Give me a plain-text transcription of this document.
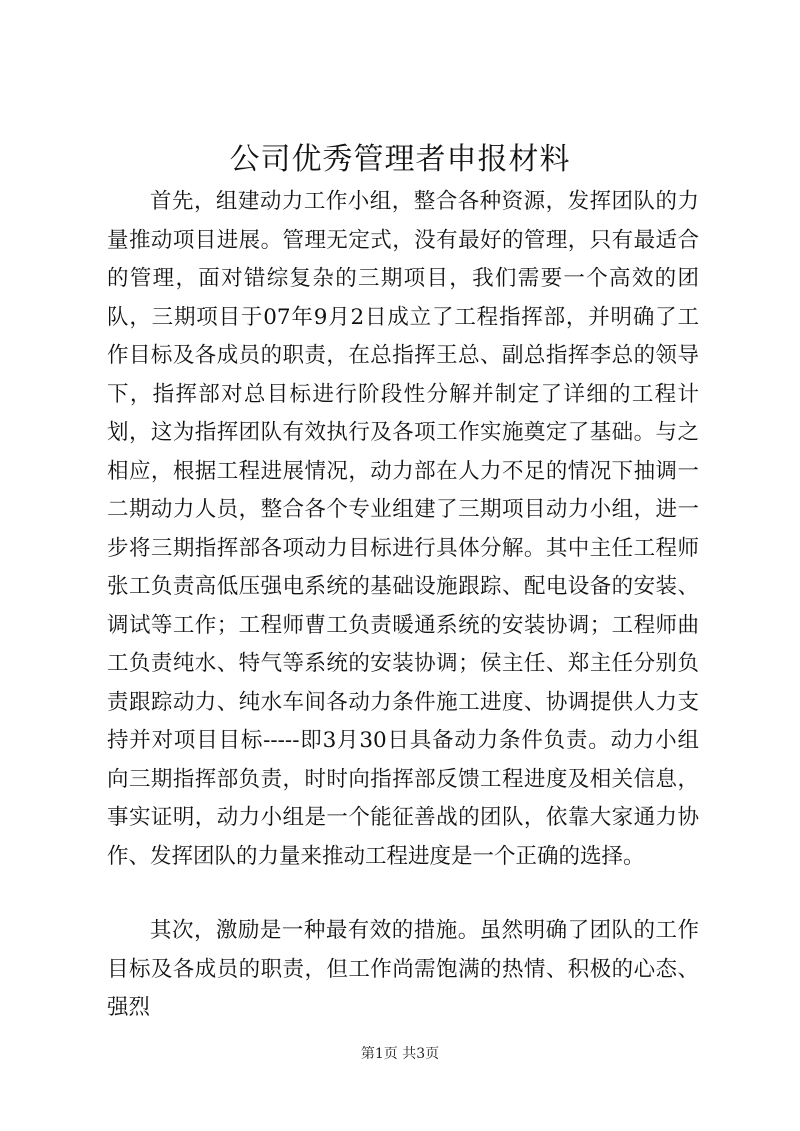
公司优秀管理者申报材料

首先，组建动力工作小组，整合各种资源，发挥团队的力量推动项目进展。管理无定式，没有最好的管理，只有最适合的管理，面对错综复杂的三期项目，我们需要一个高效的团队，三期项目于07年9月2日成立了工程指挥部，并明确了工作目标及各成员的职责，在总指挥王总、副总指挥李总的领导下，指挥部对总目标进行阶段性分解并制定了详细的工程计划，这为指挥团队有效执行及各项工作实施奠定了基础。与之相应，根据工程进展情况，动力部在人力不足的情况下抽调一二期动力人员，整合各个专业组建了三期项目动力小组，进一步将三期指挥部各项动力目标进行具体分解。其中主任工程师张工负责高低压强电系统的基础设施跟踪、配电设备的安装、调试等工作；工程师曹工负责暖通系统的安装协调；工程师曲工负责纯水、特气等系统的安装协调；侯主任、郑主任分别负责跟踪动力、纯水车间各动力条件施工进度、协调提供人力支持并对项目目标-----即3月30日具备动力条件负责。动力小组向三期指挥部负责，时时向指挥部反馈工程进度及相关信息，事实证明，动力小组是一个能征善战的团队，依靠大家通力协作、发挥团队的力量来推动工程进度是一个正确的选择。

其次，激励是一种最有效的措施。虽然明确了团队的工作目标及各成员的职责，但工作尚需饱满的热情、积极的心态、强烈

第1页 共3页
